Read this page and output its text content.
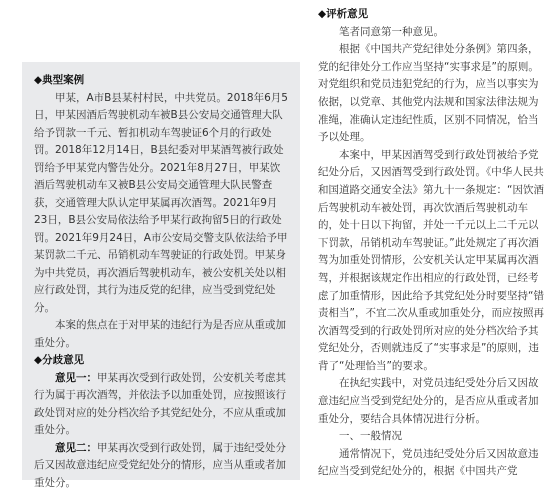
◆典型案例

甲某，A市B县某村村民，中共党员。2018年6月5日，甲某因酒后驾驶机动车被B县公安局交通管理大队给予罚款一千元、暂扣机动车驾驶证6个月的行政处罚。2018年12月14日，B县纪委对甲某酒驾被行政处罚给予甲某党内警告处分。2021年8月27日，甲某饮酒后驾驶机动车又被B县公安局交通管理大队民警查获，交通管理大队认定甲某属再次酒驾。2021年9月23日，B县公安局依法给予甲某行政拘留5日的行政处罚。2021年9月24日，A市公安局交警支队依法给予甲某罚款二千元、吊销机动车驾驶证的行政处罚。甲某身为中共党员，再次酒后驾驶机动车，被公安机关处以相应行政处罚，其行为违反党的纪律，应当受到党纪处分。

本案的焦点在于对甲某的违纪行为是否应从重或加重处分。

◆分歧意见

意见一：甲某再次受到行政处罚，公安机关考虑其行为属于再次酒驾，并依法予以加重处罚，应按照该行政处罚对应的处分档次给予其党纪处分，不应从重或加重处分。

意见二：甲某再次受到行政处罚，属于违纪受处分后又因故意违纪应受党纪处分的情形，应当从重或者加重处分。

◆评析意见

笔者同意第一种意见。

根据《中国共产党纪律处分条例》第四条，党的纪律处分工作应当坚持“实事求是”的原则。对党组织和党员违犯党纪的行为，应当以事实为依据，以党章、其他党内法规和国家法律法规为准绳，准确认定违纪性质，区别不同情况，恰当予以处理。

本案中，甲某因酒驾受到行政处罚被给予党纪处分后，又因酒驾受到行政处罚。《中华人民共和国道路交通安全法》第九十一条规定：“因饮酒后驾驶机动车被处罚，再次饮酒后驾驶机动车的，处十日以下拘留，并处一千元以上二千元以下罚款，吊销机动车驾驶证。”此处规定了再次酒驾为加重处罚情形，公安机关认定甲某属再次酒驾，并根据该规定作出相应的行政处罚，已经考虑了加重情形，因此给予其党纪处分时要坚持“错责相当”，不宜二次从重或加重处分，而应按照再次酒驾受到的行政处罚所对应的处分档次给予其党纪处分，否则就违反了“实事求是”的原则，违背了“处理恰当”的要求。

在执纪实践中，对党员违纪受处分后又因故意违纪应当受到党纪处分的，是否应从重或者加重处分，要结合具体情况进行分析。

一、一般情况

通常情况下，党员违纪受处分后又因故意违纪应当受到党纪处分的，根据《中国共产党
